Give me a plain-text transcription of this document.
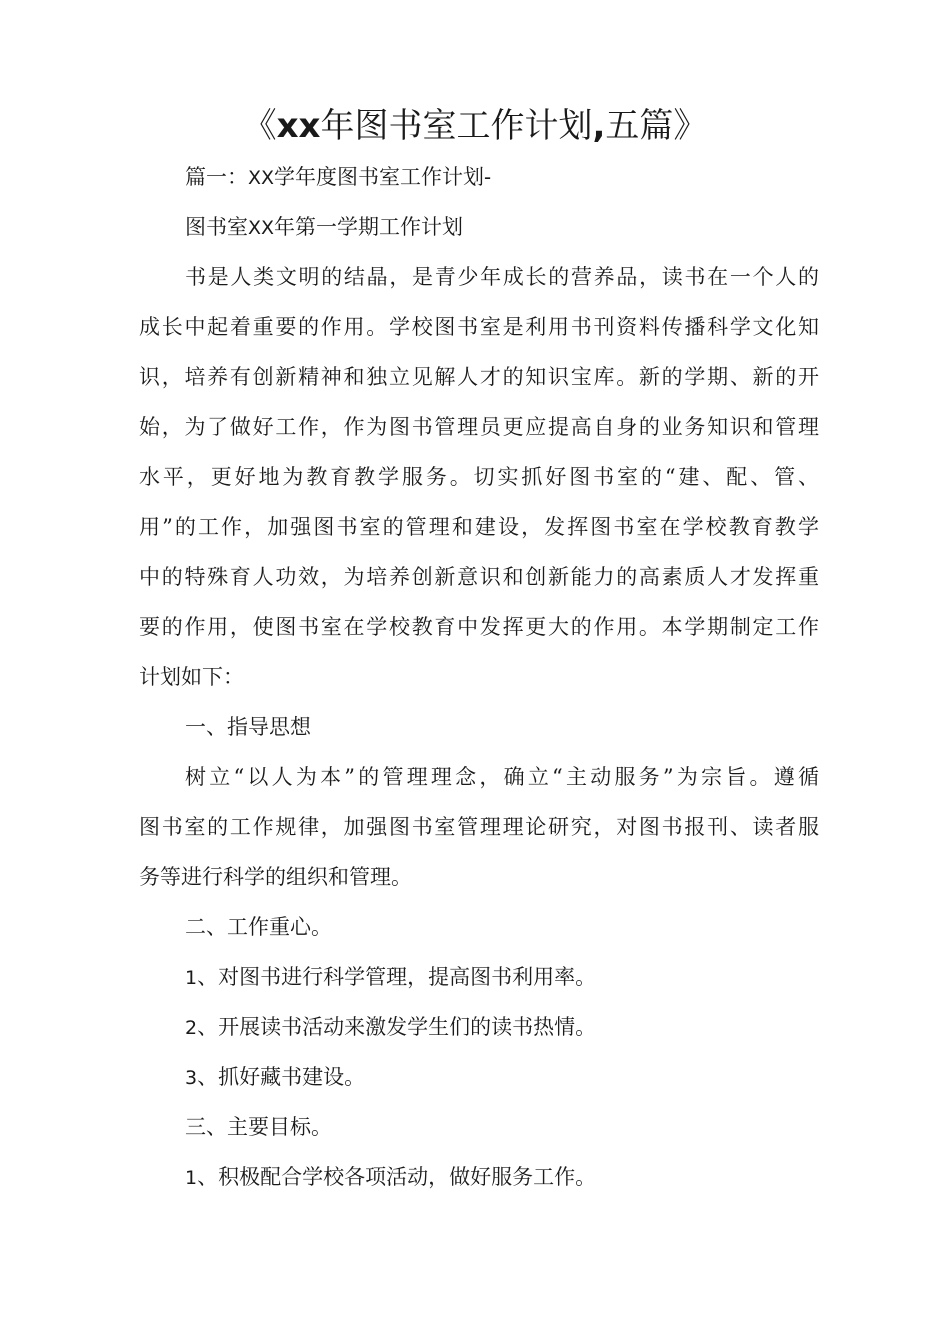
《xx年图书室工作计划,五篇》
篇一：XX学年度图书室工作计划-
图书室XX年第一学期工作计划
书是人类文明的结晶，是青少年成长的营养品，读书在一个人的
成长中起着重要的作用。学校图书室是利用书刊资料传播科学文化知
识，培养有创新精神和独立见解人才的知识宝库。新的学期、新的开
始，为了做好工作，作为图书管理员更应提高自身的业务知识和管理
水平，更好地为教育教学服务。切实抓好图书室的“建、配、管、
用”的工作，加强图书室的管理和建设，发挥图书室在学校教育教学
中的特殊育人功效，为培养创新意识和创新能力的高素质人才发挥重
要的作用，使图书室在学校教育中发挥更大的作用。本学期制定工作
计划如下：
一、指导思想
树立“以人为本”的管理理念，确立“主动服务”为宗旨。遵循
图书室的工作规律，加强图书室管理理论研究，对图书报刊、读者服
务等进行科学的组织和管理。
二、工作重心。
1、对图书进行科学管理，提高图书利用率。
2、开展读书活动来激发学生们的读书热情。
3、抓好藏书建设。
三、主要目标。
1、积极配合学校各项活动，做好服务工作。
